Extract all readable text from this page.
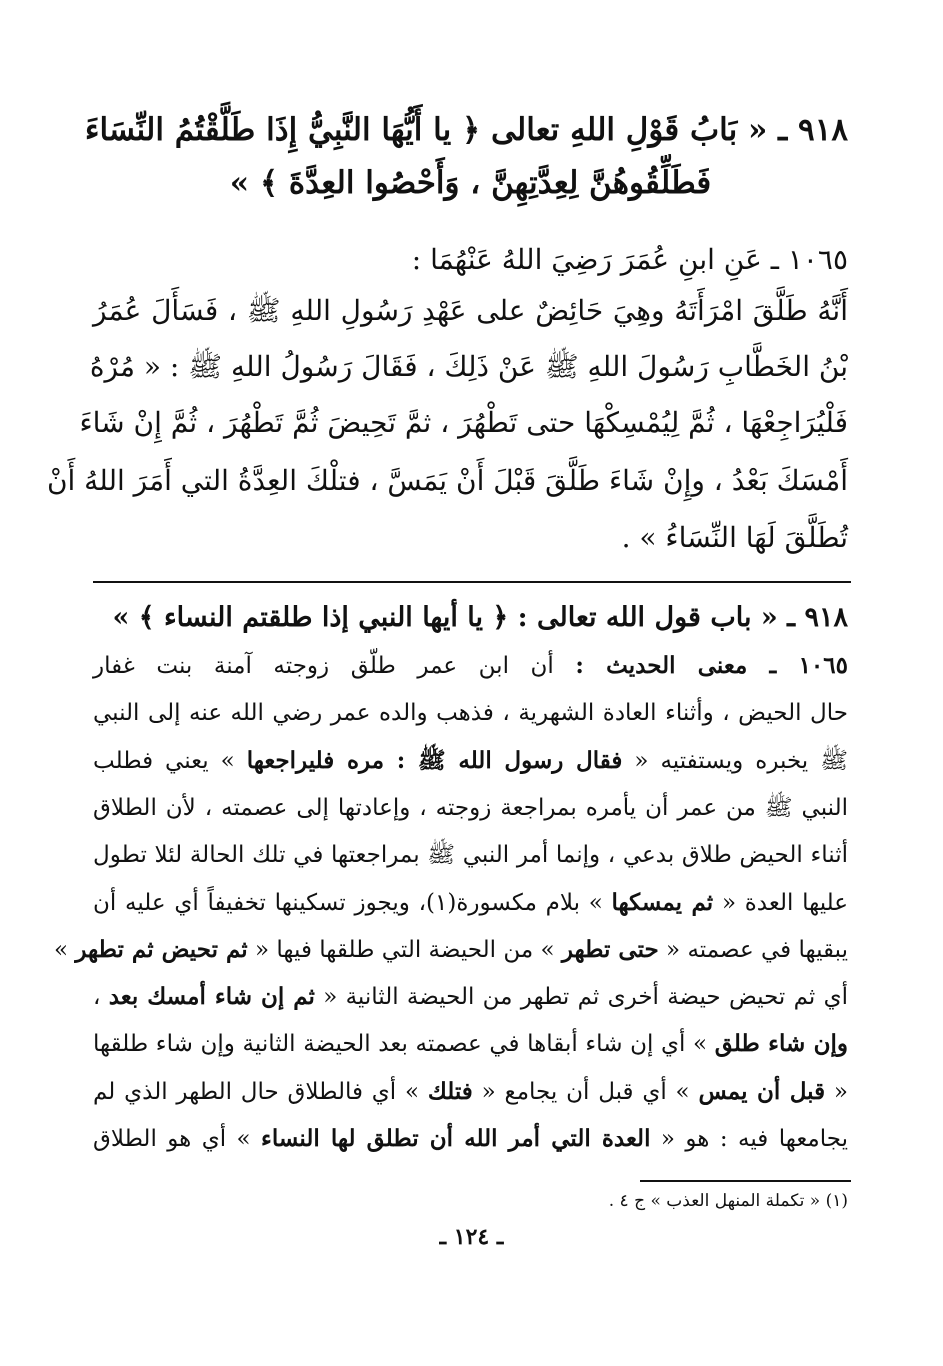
٩١٨ ـ « بَابُ قَوْلِ اللهِ تعالى ﴿ يا أَيُّهَا النَّبِيُّ إِذَا طَلَّقْتُمُ النِّسَاءَ
فَطَلِّقُوهُنَّ لِعِدَّتِهِنَّ ، وَأَحْصُوا العِدَّةَ ﴾ »
١٠٦٥ ـ عَنِ ابنِ عُمَرَ رَضِيَ اللهُ عَنْهُمَا :
أَنَّهُ طَلَّقَ امْرَأَتَهُ وهِيَ حَائِضٌ على عَهْدِ رَسُولِ اللهِ ﷺ ، فَسَأَلَ عُمَرُ
بْنُ الخَطَّابِ رَسُولَ اللهِ ﷺ عَنْ ذَلِكَ ، فَقَالَ رَسُولُ اللهِ ﷺ : « مُرْهُ
فَلْيُرَاجِعْهَا ، ثُمَّ لِيُمْسِكْهَا حتى تَطْهُرَ ، ثمَّ تَحِيضَ ثُمَّ تَطْهُرَ ، ثُمَّ إِنْ شَاءَ
أَمْسَكَ بَعْدُ ، وإِنْ شَاءَ طَلَّقَ قَبْلَ أَنْ يَمَسَّ ، فتلْكَ العِدَّةُ التي أَمَرَ اللهُ أَنْ
تُطَلَّقَ لَهَا النِّسَاءُ » .
٩١٨ ـ « باب قول الله تعالى : ﴿ يا أيها النبي إذا طلقتم النساء ﴾ »
١٠٦٥ ـ معنى الحديث : أن ابن عمر طلّق زوجته آمنة بنت غفار
حال الحيض ، وأثناء العادة الشهرية ، فذهب والده عمر رضي الله عنه إلى النبي
ﷺ يخبره ويستفتيه « فقال رسول الله ﷺ : مره فليراجعها » يعني فطلب
النبي ﷺ من عمر أن يأمره بمراجعة زوجته ، وإعادتها إلى عصمته ، لأن الطلاق
أثناء الحيض طلاق بدعي ، وإنما أمر النبي ﷺ بمراجعتها في تلك الحالة لئلا تطول
عليها العدة « ثم يمسكها » بلام مكسورة(١)، ويجوز تسكينها تخفيفاً أي عليه أن
يبقيها في عصمته « حتى تطهر » من الحيضة التي طلقها فيها « ثم تحيض ثم تطهر »
أي ثم تحيض حيضة أخرى ثم تطهر من الحيضة الثانية « ثم إن شاء أمسك بعد ،
وإن شاء طلق » أي إن شاء أبقاها في عصمته بعد الحيضة الثانية وإن شاء طلقها
« قبل أن يمس » أي قبل أن يجامع « فتلك » أي فالطلاق حال الطهر الذي لم
يجامعها فيه : هو « العدة التي أمر الله أن تطلق لها النساء » أي هو الطلاق
(١) « تكملة المنهل العذب » ج ٤ .
ـ ١٢٤ ـ
